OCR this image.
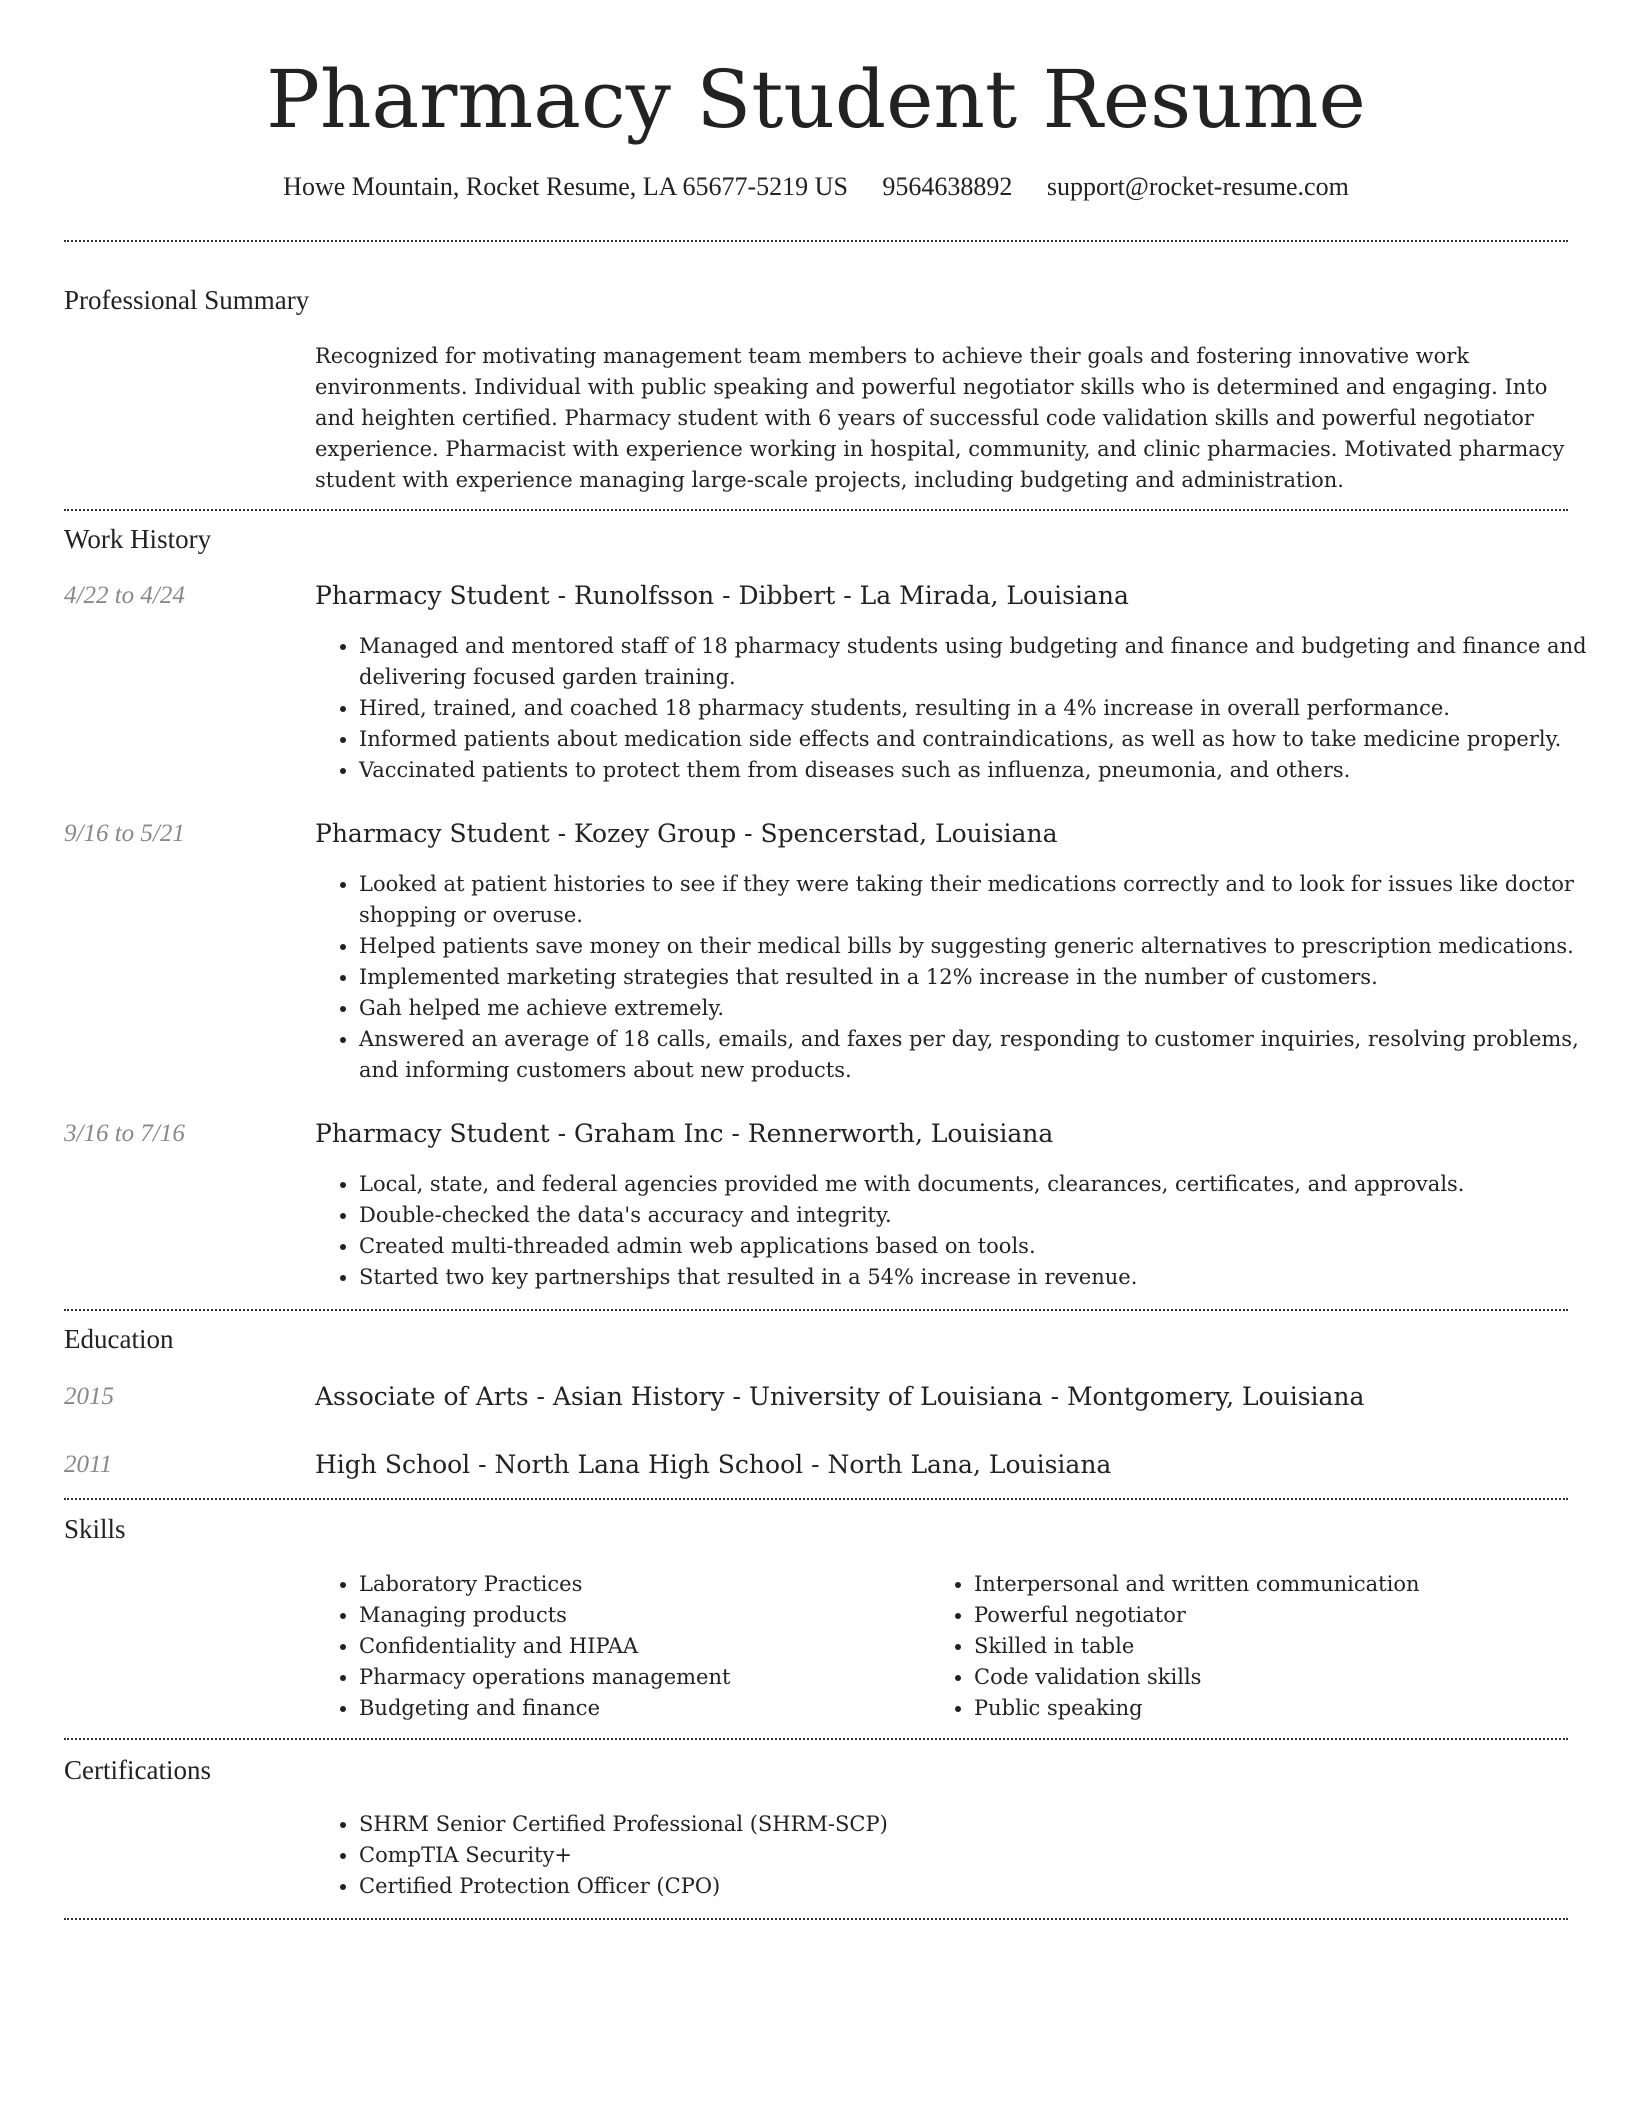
Pharmacy Student Resume
Howe Mountain, Rocket Resume, LA 65677-5219 US 9564638892 support@rocket-resume.com
Professional Summary
Recognized for motivating management team members to achieve their goals and fostering innovative work environments. Individual with public speaking and powerful negotiator skills who is determined and engaging. Into and heighten certified. Pharmacy student with 6 years of successful code validation skills and powerful negotiator experience. Pharmacist with experience working in hospital, community, and clinic pharmacies. Motivated pharmacy student with experience managing large-scale projects, including budgeting and administration.
Work History
4/22 to 4/24	Pharmacy Student - Runolfsson - Dibbert - La Mirada, Louisiana
• Managed and mentored staff of 18 pharmacy students using budgeting and finance and budgeting and finance and delivering focused garden training.
• Hired, trained, and coached 18 pharmacy students, resulting in a 4% increase in overall performance.
• Informed patients about medication side effects and contraindications, as well as how to take medicine properly.
• Vaccinated patients to protect them from diseases such as influenza, pneumonia, and others.
9/16 to 5/21	Pharmacy Student - Kozey Group - Spencerstad, Louisiana
• Looked at patient histories to see if they were taking their medications correctly and to look for issues like doctor shopping or overuse.
• Helped patients save money on their medical bills by suggesting generic alternatives to prescription medications.
• Implemented marketing strategies that resulted in a 12% increase in the number of customers.
• Gah helped me achieve extremely.
• Answered an average of 18 calls, emails, and faxes per day, responding to customer inquiries, resolving problems, and informing customers about new products.
3/16 to 7/16	Pharmacy Student - Graham Inc - Rennerworth, Louisiana
• Local, state, and federal agencies provided me with documents, clearances, certificates, and approvals.
• Double-checked the data's accuracy and integrity.
• Created multi-threaded admin web applications based on tools.
• Started two key partnerships that resulted in a 54% increase in revenue.
Education
2015	Associate of Arts - Asian History - University of Louisiana - Montgomery, Louisiana
2011	High School - North Lana High School - North Lana, Louisiana
Skills
• Laboratory Practices
• Managing products
• Confidentiality and HIPAA
• Pharmacy operations management
• Budgeting and finance
• Interpersonal and written communication
• Powerful negotiator
• Skilled in table
• Code validation skills
• Public speaking
Certifications
• SHRM Senior Certified Professional (SHRM-SCP)
• CompTIA Security+
• Certified Protection Officer (CPO)
